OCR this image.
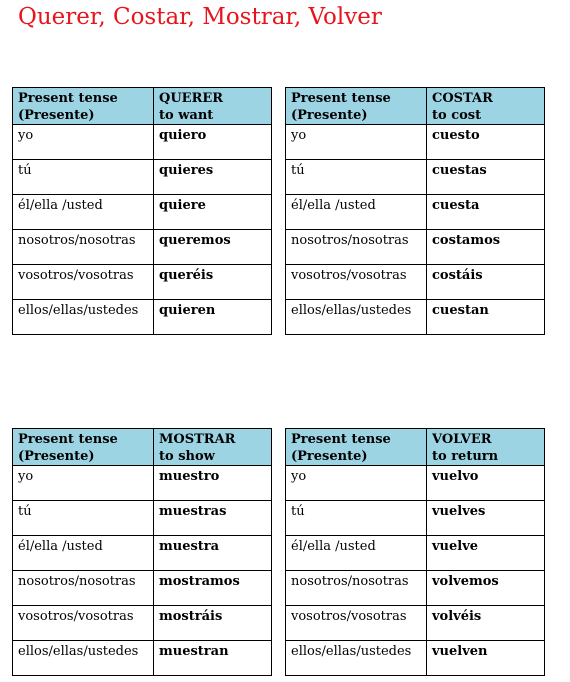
Querer, Costar, Mostrar, Volver
Present tense
(Presente)	QUERER
to want

yo	quiero
tú	quieres
él/ella /usted	quiere
nosotros/nosotras	queremos
vosotros/vosotras	queréis
ellos/ellas/ustedes	quieren
Present tense
(Presente)	COSTAR
to cost

yo	cuesto
tú	cuestas
él/ella /usted	cuesta
nosotros/nosotras	costamos
vosotros/vosotras	costáis
ellos/ellas/ustedes	cuestan
Present tense
(Presente)	MOSTRAR
to show

yo	muestro
tú	muestras
él/ella /usted	muestra
nosotros/nosotras	mostramos
vosotros/vosotras	mostráis
ellos/ellas/ustedes	muestran
Present tense
(Presente)	VOLVER
to return

yo	vuelvo
tú	vuelves
él/ella /usted	vuelve
nosotros/nosotras	volvemos
vosotros/vosotras	volvéis
ellos/ellas/ustedes	vuelven
